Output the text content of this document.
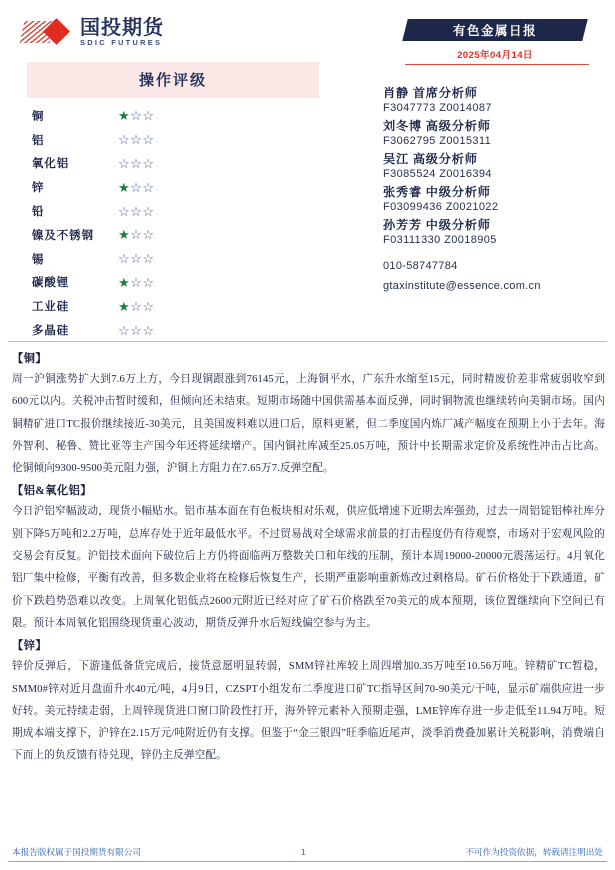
国投期货
SDIC FUTURES
有色金属日报
2025年04月14日
操作评级
铜	★☆☆
铝	☆☆☆
氧化铝	☆☆☆
锌	★☆☆
铅	☆☆☆
镍及不锈钢	★☆☆
锡	☆☆☆
碳酸锂	★☆☆
工业硅	★☆☆
多晶硅	☆☆☆
肖静 首席分析师
F3047773 Z0014087
刘冬博 高级分析师
F3062795 Z0015311
吴江 高级分析师
F3085524 Z0016394
张秀睿 中级分析师
F03099436 Z0021022
孙芳芳 中级分析师
F03111330 Z0018905
010-58747784
gtaxinstitute@essence.com.cn
【铜】

周一沪铜涨势扩大到7.6万上方，今日现铜跟涨到76145元，上海铜平水，广东升水缩至15元，同时精废价差非常疲弱收窄到600元以内。关税冲击暂时缓和，但倾向还未结束。短期市场随中国供需基本面反弹，同时铜物流也继续转向美铜市场。国内铜精矿进口TC报价继续接近-30美元，且美国废料难以进口后，原料更紧，但二季度国内炼厂减产幅度在预期上小于去年。海外智利、秘鲁、赞比亚等主产国今年还将延续增产。国内铜社库减至25.05万吨，预计中长期需求定价及系统性冲击占比高。伦铜倾向9300-9500美元阻力强，沪铜上方阻力在7.65万7.反弹空配。

【铝&氧化铝】

今日沪铝窄幅波动，现货小幅贴水。铝市基本面在有色板块相对乐观，供应低增速下近期去库强劲，过去一周铝锭铝棒社库分别下降5万吨和2.2万吨，总库存处于近年最低水平。不过贸易战对全球需求前景的打击程度仍有待观察，市场对于宏观风险的交易会有反复。沪铝技术面向下破位后上方仍将面临两万整数关口和年线的压制，预计本周19000-20000元震荡运行。4月氧化铝厂集中检修，平衡有改善，但多数企业将在检修后恢复生产，长期严重影响重新炼改过剩格局。矿石价格处于下跌通道，矿价下跌趋势恐难以改变。上周氧化铝低点2600元附近已经对应了矿石价格跌至70美元的成本预期，该位置继续向下空间已有限。预计本周氧化铝围绕现货重心波动，期货反弹升水后短线偏空参与为主。

【锌】

锌价反弹后，下游逢低备货完成后，接货意愿明显转弱，SMM锌社库较上周四增加0.35万吨至10.56万吨。锌精矿TC暂稳，SMM0#锌对近月盘面升水40元/吨，4月9日，CZSPT小组发布二季度进口矿TC指导区间70-90美元/干吨，显示矿端供应进一步好转。美元持续走弱，上周锌现货进口窗口阶段性打开，海外锌元素补入预期走强，LME锌库存进一步走低至11.94万吨。短期成本端支撑下，沪锌在2.15万元/吨附近仍有支撑。但鉴于“金三银四”旺季临近尾声，淡季消费叠加累计关税影响，消费端自下而上的负反馈有待兑现，锌仍主反弹空配。

本报告版权属于国投期货有限公司	1	不可作为投资依据，转载请注明出处
